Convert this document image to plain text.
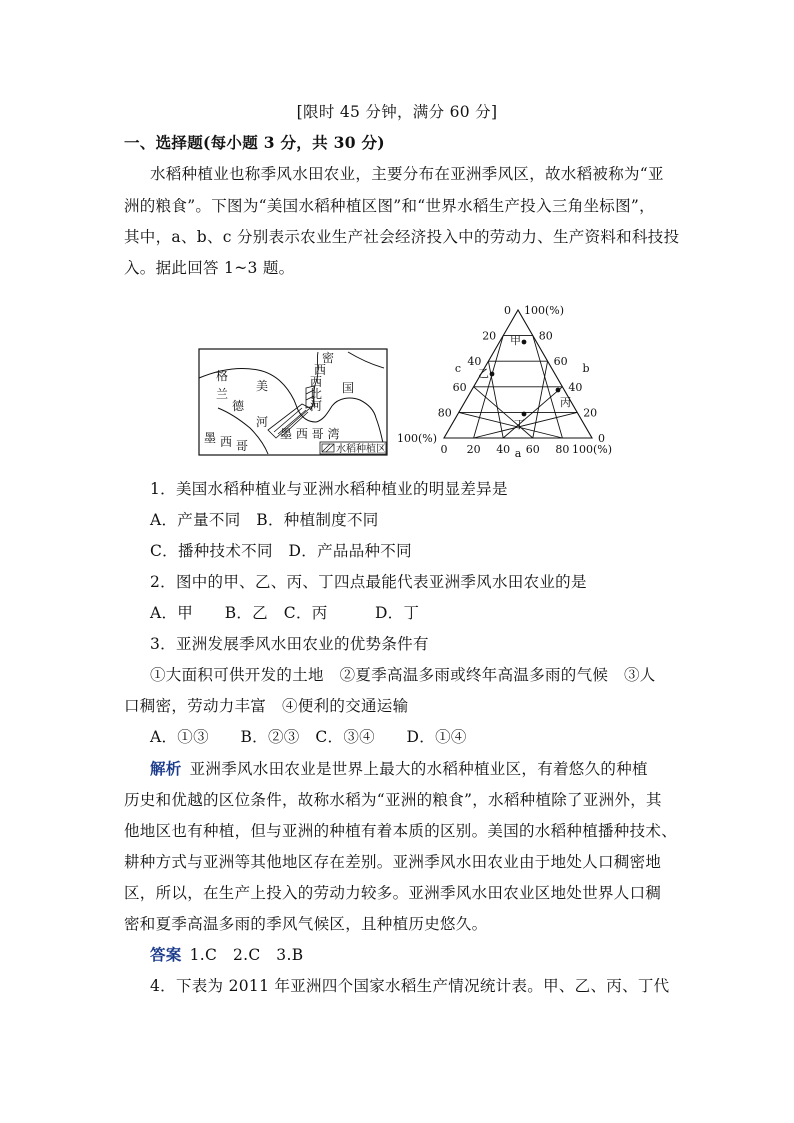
[限时 45 分钟，满分 60 分]
一、选择题(每小题 3 分，共 30 分)
水稻种植业也称季风水田农业，主要分布在亚洲季风区，故水稻被称为“亚
洲的粮食”。下图为“美国水稻种植区图”和“世界水稻生产投入三角坐标图”，
其中，a、b、c 分别表示农业生产社会经济投入中的劳动力、生产资料和科技投
入。据此回答 1~3 题。
水稻种植区
格
兰
德
美	国
密
西
西
比
河
河
墨 西 哥
墨 西 哥 湾
0
20
40
60
80
100(%)
100(%)
80
60
40
20
0
0 20 40 60 80 100(%)
a
b
c
甲
乙
丙
丁
1．美国水稻种植业与亚洲水稻种植业的明显差异是
A．产量不同　B．种植制度不同
C．播种技术不同　D．产品品种不同
2．图中的甲、乙、丙、丁四点最能代表亚洲季风水田农业的是
A．甲　　B．乙　C．丙　　　D．丁
3．亚洲发展季风水田农业的优势条件有
①大面积可供开发的土地　②夏季高温多雨或终年高温多雨的气候　③人
口稠密，劳动力丰富　④便利的交通运输
A．①③　　B．②③　C．③④　　D．①④
解析 亚洲季风水田农业是世界上最大的水稻种植业区，有着悠久的种植
历史和优越的区位条件，故称水稻为“亚洲的粮食”，水稻种植除了亚洲外，其
他地区也有种植，但与亚洲的种植有着本质的区别。美国的水稻种植播种技术、
耕种方式与亚洲等其他地区存在差别。亚洲季风水田农业由于地处人口稠密地
区，所以，在生产上投入的劳动力较多。亚洲季风水田农业区地处世界人口稠
密和夏季高温多雨的季风气候区，且种植历史悠久。
答案 1.C　2.C　3.B
4．下表为 2011 年亚洲四个国家水稻生产情况统计表。甲、乙、丙、丁代
